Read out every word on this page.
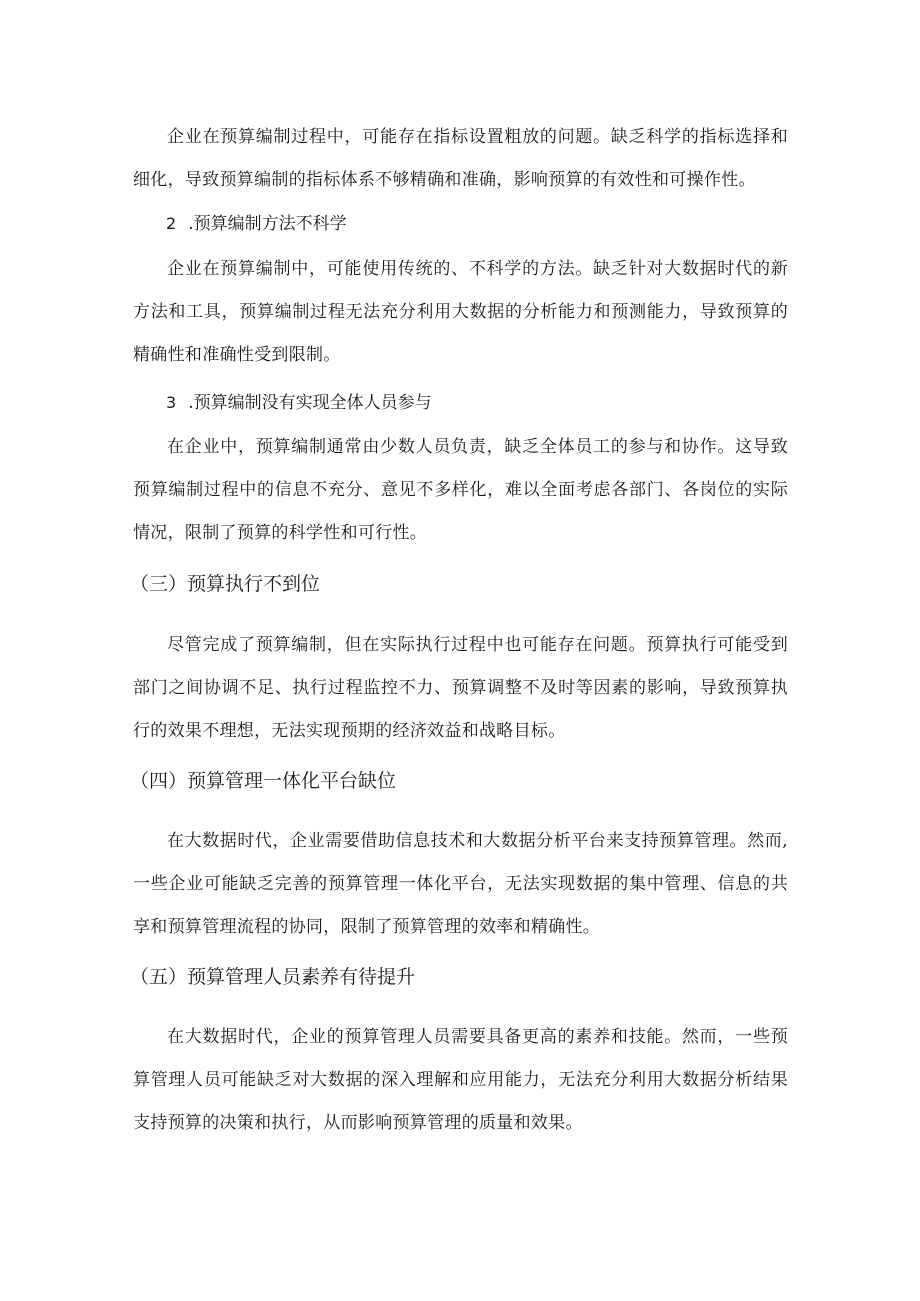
企业在预算编制过程中，可能存在指标设置粗放的问题。缺乏科学的指标选择和细化，导致预算编制的指标体系不够精确和准确，影响预算的有效性和可操作性。

2 .预算编制方法不科学

企业在预算编制中，可能使用传统的、不科学的方法。缺乏针对大数据时代的新方法和工具，预算编制过程无法充分利用大数据的分析能力和预测能力，导致预算的精确性和准确性受到限制。

3 .预算编制没有实现全体人员参与

在企业中，预算编制通常由少数人员负责，缺乏全体员工的参与和协作。这导致预算编制过程中的信息不充分、意见不多样化，难以全面考虑各部门、各岗位的实际情况，限制了预算的科学性和可行性。

（三）预算执行不到位

尽管完成了预算编制，但在实际执行过程中也可能存在问题。预算执行可能受到部门之间协调不足、执行过程监控不力、预算调整不及时等因素的影响，导致预算执行的效果不理想，无法实现预期的经济效益和战略目标。

（四）预算管理一体化平台缺位

在大数据时代，企业需要借助信息技术和大数据分析平台来支持预算管理。然而,一些企业可能缺乏完善的预算管理一体化平台，无法实现数据的集中管理、信息的共享和预算管理流程的协同，限制了预算管理的效率和精确性。

（五）预算管理人员素养有待提升

在大数据时代，企业的预算管理人员需要具备更高的素养和技能。然而，一些预算管理人员可能缺乏对大数据的深入理解和应用能力，无法充分利用大数据分析结果支持预算的决策和执行，从而影响预算管理的质量和效果。
